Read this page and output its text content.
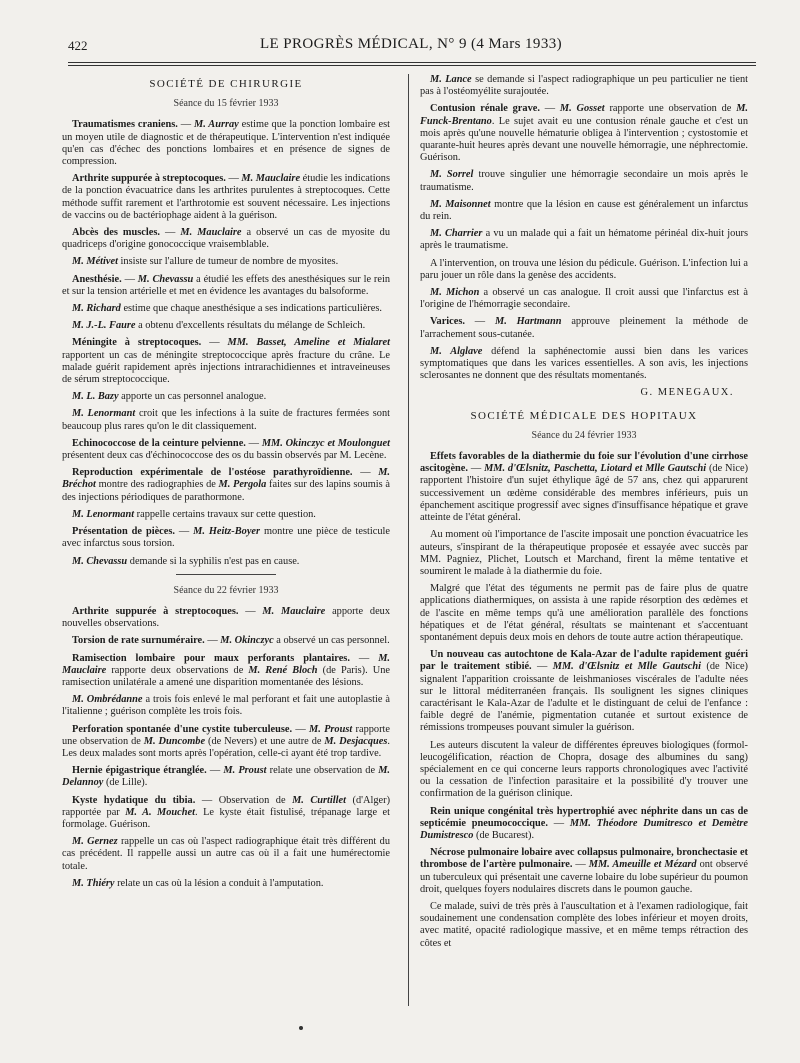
422	LE PROGRÈS MÉDICAL, N° 9 (4 Mars 1933)
SOCIÉTÉ DE CHIRURGIE
Séance du 15 février 1933

Traumatismes craniens. — M. Aurray estime que la ponction lombaire est un moyen utile de diagnostic et de thérapeutique. L'intervention n'est indiquée qu'en cas d'échec des ponctions lombaires et en présence de signes de compression.

Arthrite suppurée à streptocoques. — M. Mauclaire étudie les indications de la ponction évacuatrice dans les arthrites purulentes à streptocoques. Cette méthode suffit rarement et l'arthrotomie est souvent nécessaire. Les injections de vaccins ou de bactériophage aident à la guérison.

Abcès des muscles. — M. Mauclaire a observé un cas de myosite du quadriceps d'origine gonococcique vraisemblable.

M. Métivet insiste sur l'allure de tumeur de nombre de myosites.

Anesthésie. — M. Chevassu a étudié les effets des anesthésiques sur le rein et sur la tension artérielle et met en évidence les avantages du balsoforme.

M. Richard estime que chaque anesthésique a ses indications particulières.

M. J.-L. Faure a obtenu d'excellents résultats du mélange de Schleich.

Méningite à streptocoques. — MM. Basset, Ameline et Mialaret rapportent un cas de méningite streptococcique après fracture du crâne. Le malade guérit rapidement après injections intrarachidiennes et intraveineuses de sérum streptococcique.

M. L. Bazy apporte un cas personnel analogue.

M. Lenormant croit que les infections à la suite de fractures fermées sont beaucoup plus rares qu'on le dit classiquement.

Echinococcose de la ceinture pelvienne. — MM. Okinczyc et Moulonguet présentent deux cas d'échinococcose des os du bassin observés par M. Lecène.

Reproduction expérimentale de l'ostéose parathyroïdienne. — M. Bréchot montre des radiographies de M. Pergola faites sur des lapins soumis à des injections périodiques de parathormone.

M. Lenormant rappelle certains travaux sur cette question.

Présentation de pièces. — M. Heitz-Boyer montre une pièce de testicule avec infarctus sous torsion.

M. Chevassu demande si la syphilis n'est pas en cause.

Séance du 22 février 1933

Arthrite suppurée à streptocoques. — M. Mauclaire apporte deux nouvelles observations.

Torsion de rate surnuméraire. — M. Okinczyc a observé un cas personnel.

Ramisection lombaire pour maux perforants plantaires. — M. Mauclaire rapporte deux observations de M. René Bloch (de Paris). Une ramisection unilatérale a amené une disparition momentanée des lésions.

M. Ombrédanne a trois fois enlevé le mal perforant et fait une autoplastie à l'italienne ; guérison complète les trois fois.

Perforation spontanée d'une cystite tuberculeuse. — M. Proust rapporte une observation de M. Duncombe (de Nevers) et une autre de M. Desjacques. Les deux malades sont morts après l'opération, celle-ci ayant été trop tardive.

Hernie épigastrique étranglée. — M. Proust relate une observation de M. Delannoy (de Lille).

Kyste hydatique du tibia. — Observation de M. Curtillet (d'Alger) rapportée par M. A. Mouchet. Le kyste était fistulisé, trépanage large et formolage. Guérison.

M. Gernez rappelle un cas où l'aspect radiographique était très différent du cas précédent. Il rappelle aussi un autre cas où il a fait une humérectomie totale.

M. Thiéry relate un cas où la lésion a conduit à l'amputation.

M. Lance se demande si l'aspect radiographique un peu particulier ne tient pas à l'ostéomyélite surajoutée.

Contusion rénale grave. — M. Gosset rapporte une observation de M. Funck-Brentano. Le sujet avait eu une contusion rénale gauche et c'est un mois après qu'une nouvelle hématurie obligea à l'intervention ; cystostomie et quarante-huit heures après devant une nouvelle hémorragie, une néphrectomie. Guérison.

M. Sorrel trouve singulier une hémorragie secondaire un mois après le traumatisme.

M. Maisonnet montre que la lésion en cause est généralement un infarctus du rein.

M. Charrier a vu un malade qui a fait un hématome périnéal dix-huit jours après le traumatisme.

A l'intervention, on trouva une lésion du pédicule. Guérison. L'infection lui a paru jouer un rôle dans la genèse des accidents.

M. Michon a observé un cas analogue. Il croit aussi que l'infarctus est à l'origine de l'hémorragie secondaire.

Varices. — M. Hartmann approuve pleinement la méthode de l'arrachement sous-cutanée.

M. Alglave défend la saphénectomie aussi bien dans les varices symptomatiques que dans les varices essentielles. A son avis, les injections sclerosantes ne donnent que des résultats momentanés.

G. MENEGAUX.
SOCIÉTÉ MÉDICALE DES HOPITAUX
Séance du 24 février 1933

Effets favorables de la diathermie du foie sur l'évolution d'une cirrhose ascitogène. — MM. d'Œlsnitz, Paschetta, Liotard et Mlle Gautschi (de Nice) rapportent l'histoire d'un sujet éthylique âgé de 57 ans, chez qui apparurent successivement un œdème considérable des membres inférieurs, puis un épanchement ascitique progressif avec signes d'insuffisance hépatique et grave atteinte de l'état général.

Au moment où l'importance de l'ascite imposait une ponction évacuatrice les auteurs, s'inspirant de la thérapeutique proposée et essayée avec succès par MM. Pagniez, Plichet, Loutsch et Marchand, firent la même tentative et soumirent le malade à la diathermie du foie.

Malgré que l'état des téguments ne permit pas de faire plus de quatre applications diathermiques, on assista à une rapide résorption des œdèmes et de l'ascite en même temps qu'à une amélioration parallèle des fonctions hépatiques et de l'état général, résultats se maintenant et s'accentuant spontanément depuis deux mois en dehors de toute autre action thérapeutique.

Un nouveau cas autochtone de Kala-Azar de l'adulte rapidement guéri par le traitement stibié. — MM. d'Œlsnitz et Mlle Gautschi (de Nice) signalent l'apparition croissante de leishmanioses viscérales de l'adulte nées sur le littoral méditerranéen français. Ils soulignent les signes cliniques caractérisant le Kala-Azar de l'adulte et le distinguant de celui de l'enfance : faible degré de l'anémie, pigmentation cutanée et surtout existence de rémissions trompeuses pouvant simuler la guérison.

Les auteurs discutent la valeur de différentes épreuves biologiques (formol-leucogélification, réaction de Chopra, dosage des albumines du sang) spécialement en ce qui concerne leurs rapports chronologiques avec l'activité ou la cessation de l'infection parasitaire et la possibilité d'y trouver une confirmation de la guérison clinique.

Rein unique congénital très hypertrophié avec néphrite dans un cas de septicémie pneumococcique. — MM. Théodore Dumitresco et Demètre Dumistresco (de Bucarest).

Nécrose pulmonaire lobaire avec collapsus pulmonaire, bronchectasie et thrombose de l'artère pulmonaire. — MM. Ameuille et Mézard ont observé un tuberculeux qui présentait une caverne lobaire du lobe supérieur du poumon droit, quelques foyers nodulaires discrets dans le poumon gauche.

Ce malade, suivi de très près à l'auscultation et à l'examen radiologique, fait soudainement une condensation complète des lobes inférieur et moyen droits, avec matité, opacité radiologique massive, et en même temps rétraction des côtes et
